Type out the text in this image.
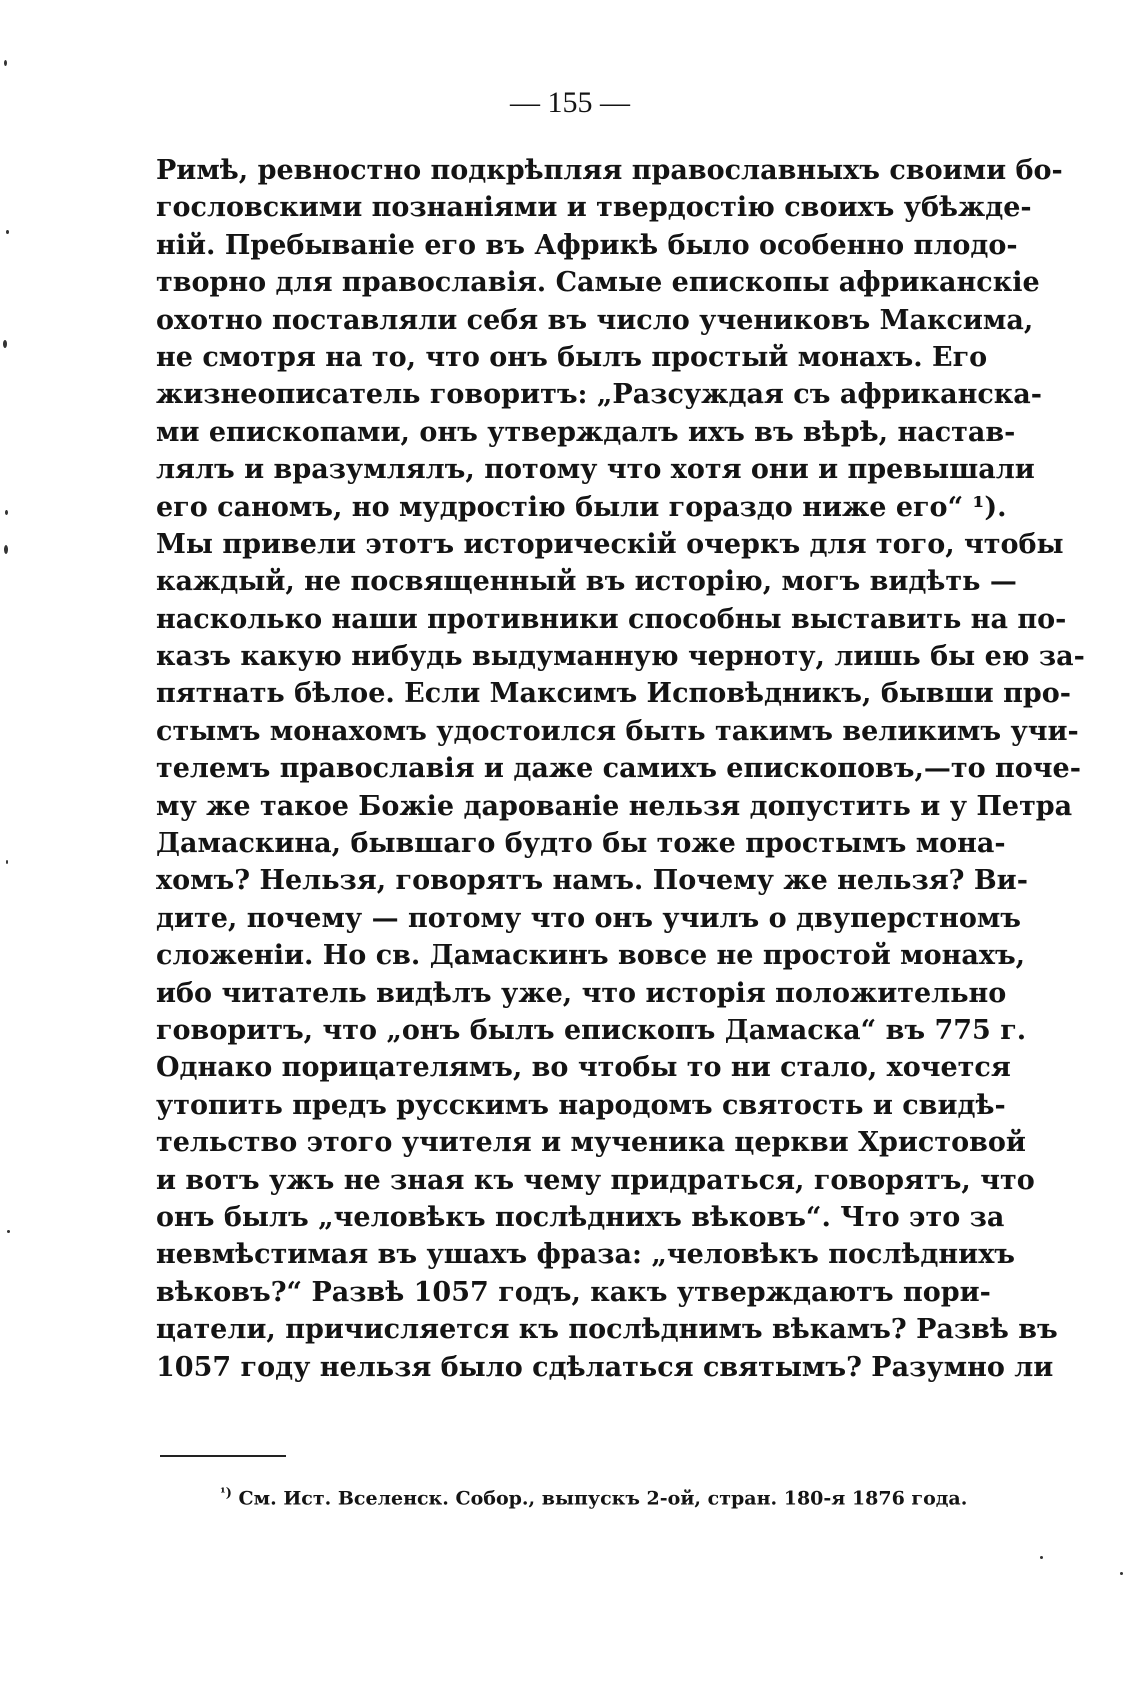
— 155 —
Римѣ, ревностно подкрѣпляя православныхъ своими бо-
гословскими познаніями и твердостію своихъ убѣжде-
ній. Пребываніе его въ Африкѣ было особенно плодо-
творно для православія. Самые епископы африканскіе
охотно поставляли себя въ число учениковъ Максима,
не смотря на то, что онъ былъ простый монахъ. Его
жизнеописатель говоритъ: „Разсуждая съ африканска-
ми епископами, онъ утверждалъ ихъ въ вѣрѣ, настав-
лялъ и вразумлялъ, потому что хотя они и превышали
его саномъ, но мудростію были гораздо ниже его“ ¹).
Мы привели этотъ историческій очеркъ для того, чтобы
каждый, не посвященный въ исторію, могъ видѣть —
насколько наши противники способны выставить на по-
казъ какую нибудь выдуманную черноту, лишь бы ею за-
пятнать бѣлое. Если Максимъ Исповѣдникъ, бывши про-
стымъ монахомъ удостоился быть такимъ великимъ учи-
телемъ православія и даже самихъ епископовъ,—то поче-
му же такое Божіе дарованіе нельзя допустить и у Петра
Дамаскина, бывшаго будто бы тоже простымъ мона-
хомъ? Нельзя, говорятъ намъ. Почему же нельзя? Ви-
дите, почему — потому что онъ училъ о двуперстномъ
сложеніи. Но св. Дамаскинъ вовсе не простой монахъ,
ибо читатель видѣлъ уже, что исторія положительно
говоритъ, что „онъ былъ епископъ Дамаска“ въ 775 г.
Однако порицателямъ, во чтобы то ни стало, хочется
утопить предъ русскимъ народомъ святость и свидѣ-
тельство этого учителя и мученика церкви Христовой
и вотъ ужъ не зная къ чему придраться, говорятъ, что
онъ былъ „человѣкъ послѣднихъ вѣковъ“. Что это за
невмѣстимая въ ушахъ фраза: „человѣкъ послѣднихъ
вѣковъ?“ Развѣ 1057 годъ, какъ утверждаютъ пори-
цатели, причисляется къ послѣднимъ вѣкамъ? Развѣ въ
1057 году нельзя было сдѣлаться святымъ? Разумно ли
$^{^1)}$ См. Ист. Вселенск. Собор., выпускъ 2-ой, стран. 180-я 1876 года.
